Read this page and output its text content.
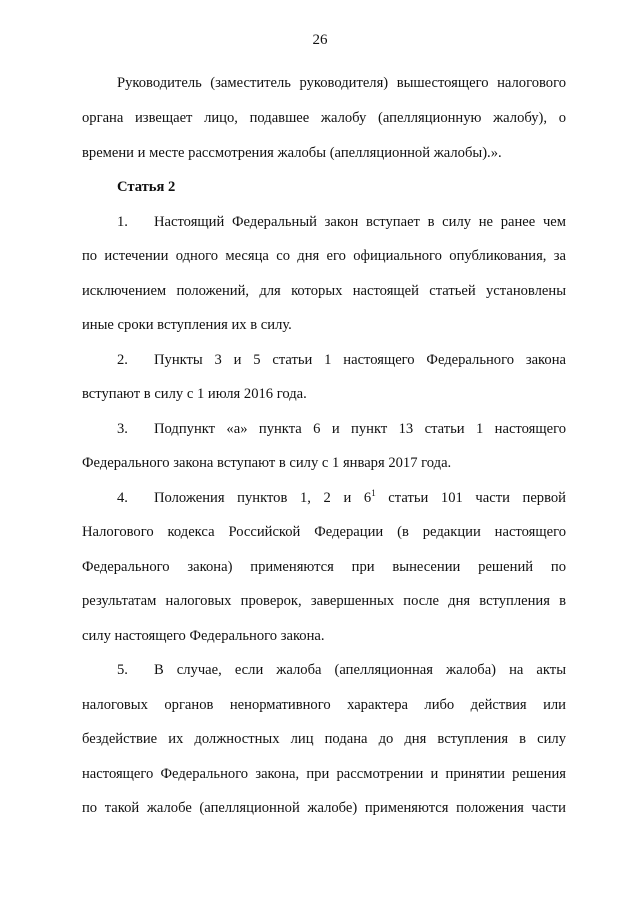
26
Руководитель (заместитель руководителя) вышестоящего налогового
органа извещает лицо, подавшее жалобу (апелляционную жалобу), о
времени и месте рассмотрения жалобы (апелляционной жалобы).».
Статья 2
1. Настоящий Федеральный закон вступает в силу не ранее чем
по истечении одного месяца со дня его официального опубликования, за
исключением положений, для которых настоящей статьей установлены
иные сроки вступления их в силу.
2. Пункты 3 и 5 статьи 1 настоящего Федерального закона
вступают в силу с 1 июля 2016 года.
3. Подпункт «а» пункта 6 и пункт 13 статьи 1 настоящего
Федерального закона вступают в силу с 1 января 2017 года.
4. Положения пунктов 1, 2 и $6^1$ статьи 101 части первой
Налогового кодекса Российской Федерации (в редакции настоящего
Федерального закона) применяются при вынесении решений по
результатам налоговых проверок, завершенных после дня вступления в
силу настоящего Федерального закона.
5. В случае, если жалоба (апелляционная жалоба) на акты
налоговых органов ненормативного характера либо действия или
бездействие их должностных лиц подана до дня вступления в силу
настоящего Федерального закона, при рассмотрении и принятии решения
по такой жалобе (апелляционной жалобе) применяются положения части
